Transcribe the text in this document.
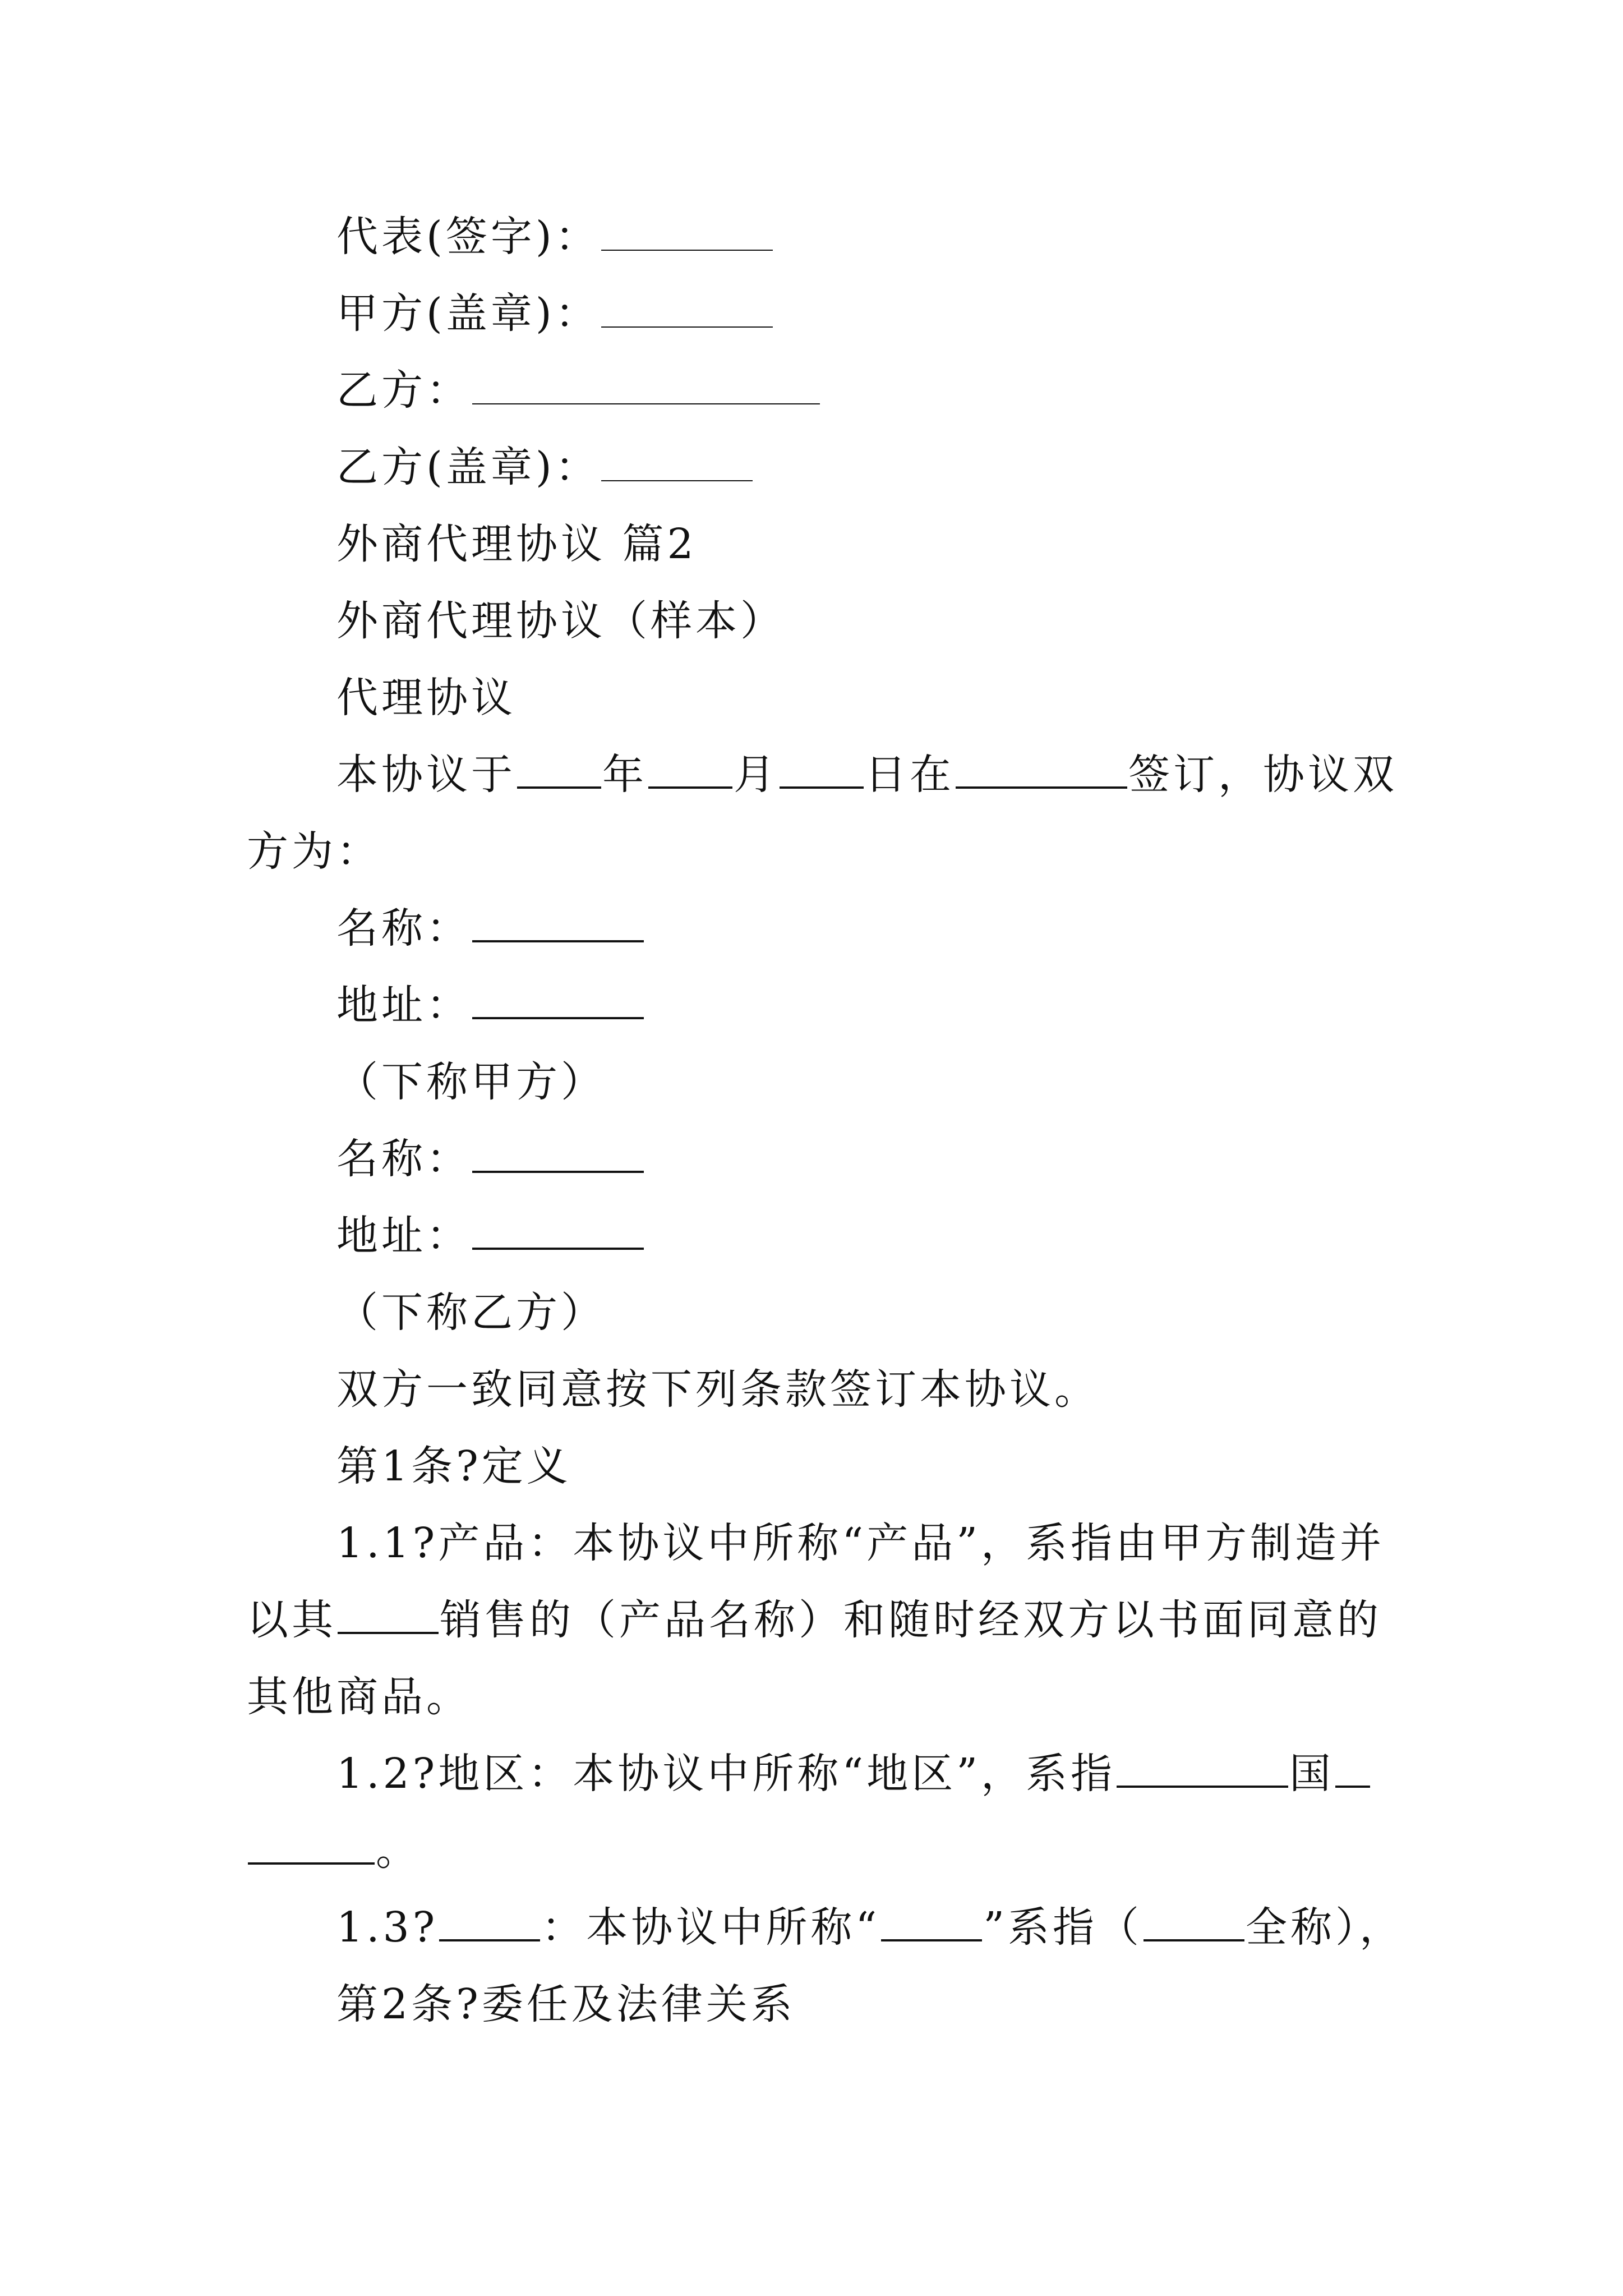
代表(签字)：
甲方(盖章)：
乙方：
乙方(盖章)：
外商代理协议 篇2
外商代理协议（样本）
代理协议
本协议于 年 月 日在	签订，协议双
方为：
名称：
地址：
（下称甲方）
名称：
地址：
（下称乙方）
双方一致同意按下列条款签订本协议。
第1条?定义
1.1?产品：本协议中所称“产品”，系指由甲方制造并
以其 销售的（产品名称）和随时经双方以书面同意的
其他商品。
1.2?地区：本协议中所称“地区”，系指	国
。
1.3? ：本协议中所称“ ”系指（ 全称），
第2条?委任及法律关系
